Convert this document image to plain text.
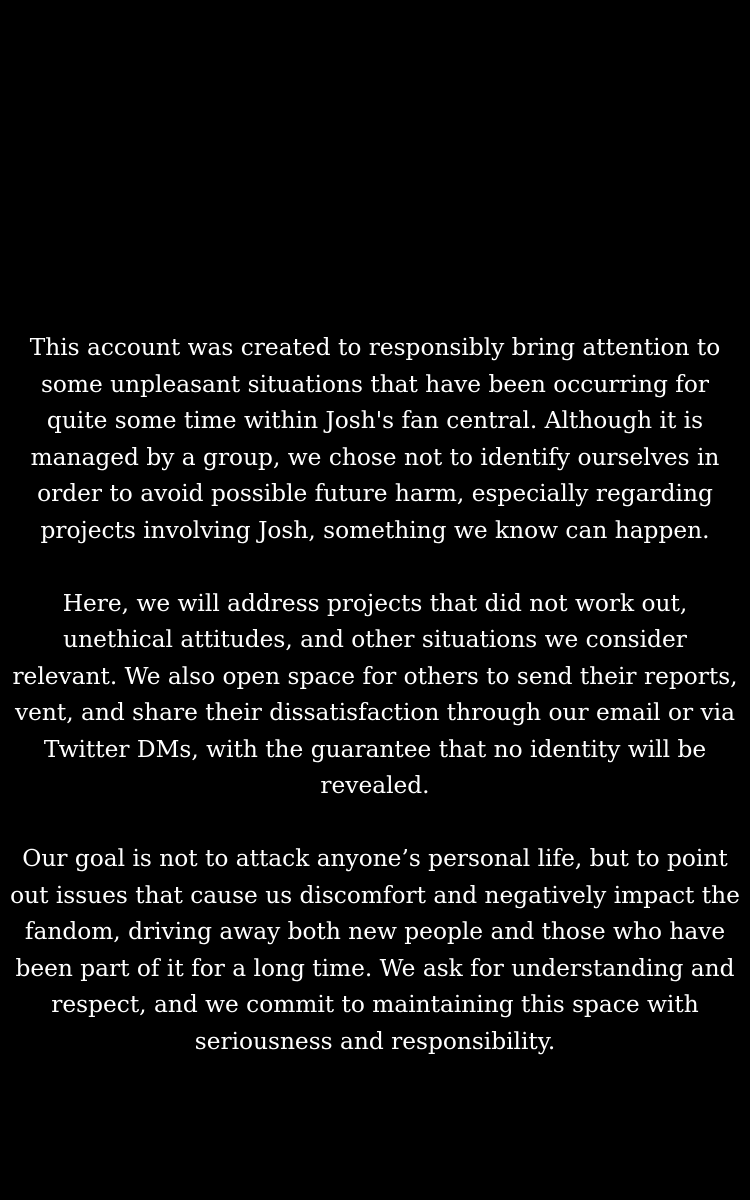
This account was created to responsibly bring attention to
some unpleasant situations that have been occurring for
quite some time within Josh's fan central. Although it is
managed by a group, we chose not to identify ourselves in
order to avoid possible future harm, especially regarding
projects involving Josh, something we know can happen.

Here, we will address projects that did not work out,
unethical attitudes, and other situations we consider
relevant. We also open space for others to send their reports,
vent, and share their dissatisfaction through our email or via
Twitter DMs, with the guarantee that no identity will be
revealed.

Our goal is not to attack anyone’s personal life, but to point
out issues that cause us discomfort and negatively impact the
fandom, driving away both new people and those who have
been part of it for a long time. We ask for understanding and
respect, and we commit to maintaining this space with
seriousness and responsibility.
